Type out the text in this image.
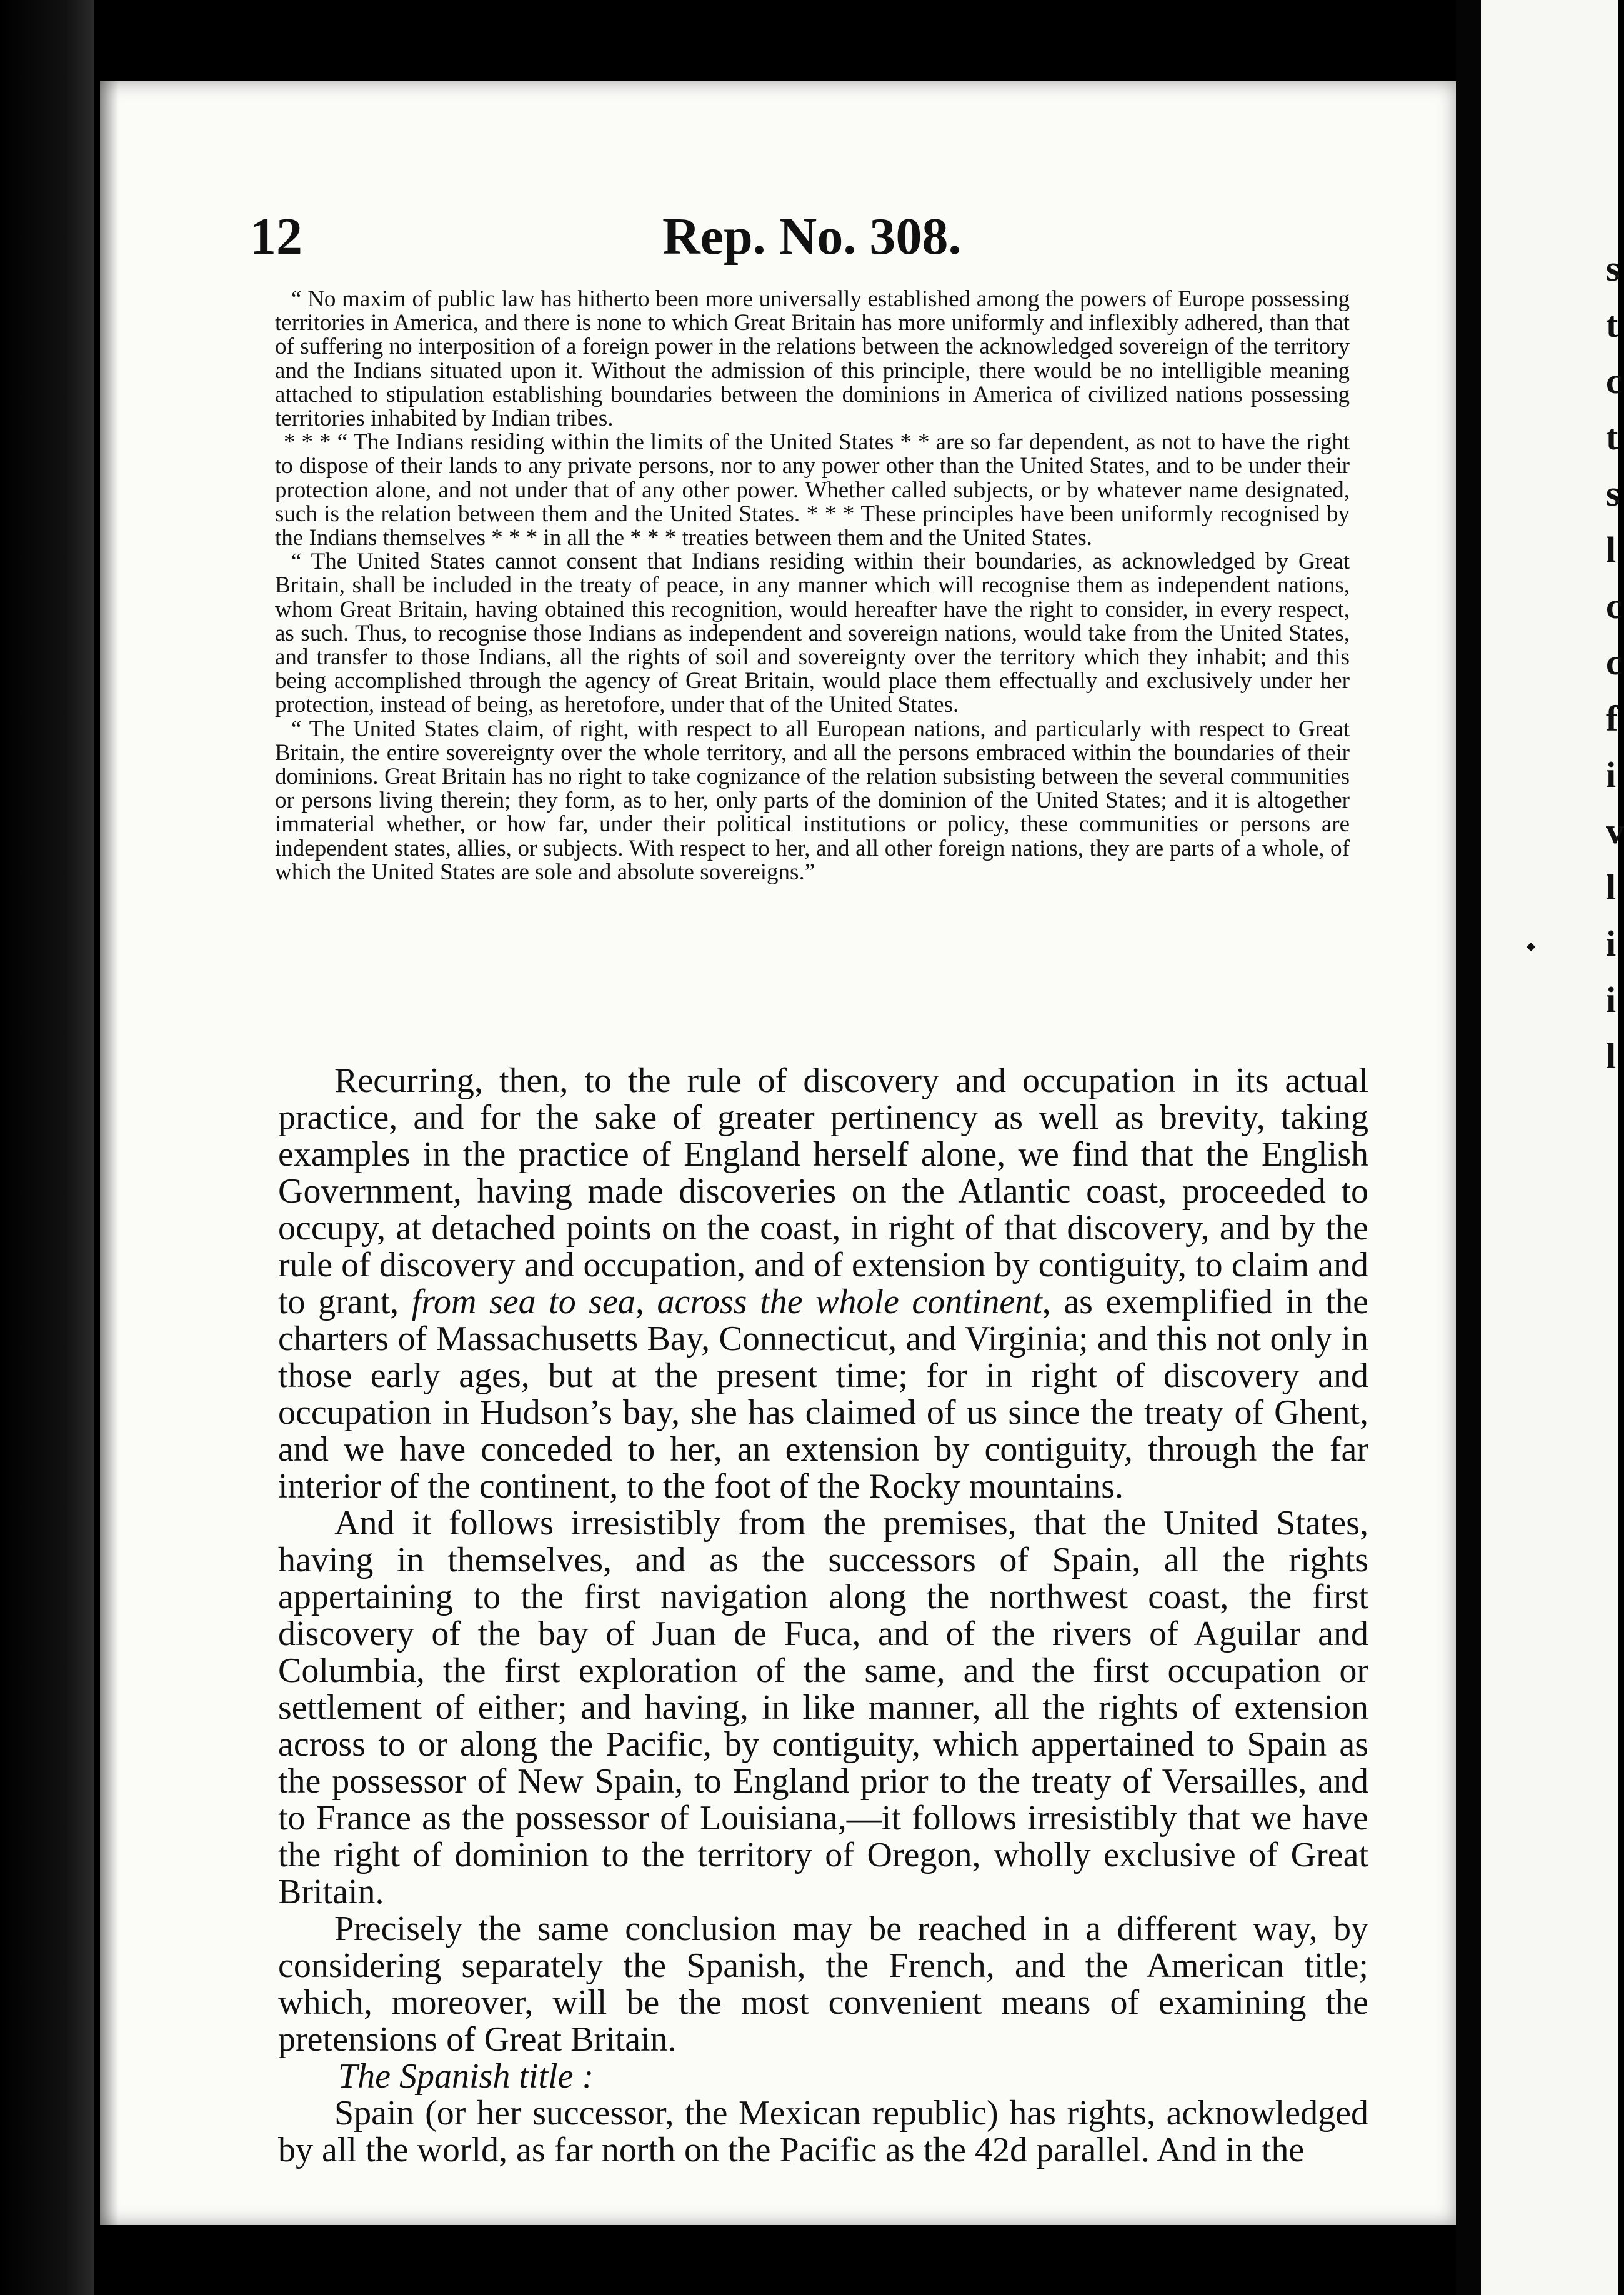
s
t
c
t
s
l
c
c
f
i
v
l
i
i
l
12	Rep. No. 308.

“ No maxim of public law has hitherto been more universally established among the powers of Europe possessing territories in America, and there is none to which Great Britain has more uniformly and inflexibly adhered, than that of suffering no interposition of a foreign power in the relations between the acknowledged sovereign of the territory and the Indians situated upon it. Without the admission of this principle, there would be no intelligible meaning attached to stipulation establishing boundaries between the dominions in America of civilized nations possessing territories inhabited by Indian tribes.

* * * “ The Indians residing within the limits of the United States * * are so far dependent, as not to have the right to dispose of their lands to any private persons, nor to any power other than the United States, and to be under their protection alone, and not under that of any other power. Whether called subjects, or by whatever name designated, such is the relation between them and the United States. * * * These principles have been uniformly recognised by the Indians themselves * * * in all the * * * treaties between them and the United States.

“ The United States cannot consent that Indians residing within their boundaries, as acknowledged by Great Britain, shall be included in the treaty of peace, in any manner which will recognise them as independent nations, whom Great Britain, having obtained this recognition, would hereafter have the right to consider, in every respect, as such. Thus, to recognise those Indians as independent and sovereign nations, would take from the United States, and transfer to those Indians, all the rights of soil and sovereignty over the territory which they inhabit; and this being accomplished through the agency of Great Britain, would place them effectually and exclusively under her protection, instead of being, as heretofore, under that of the United States.

“ The United States claim, of right, with respect to all European nations, and particularly with respect to Great Britain, the entire sovereignty over the whole territory, and all the persons embraced within the boundaries of their dominions. Great Britain has no right to take cognizance of the relation subsisting between the several communities or persons living therein; they form, as to her, only parts of the dominion of the United States; and it is altogether immaterial whether, or how far, under their political institutions or policy, these communities or persons are independent states, allies, or subjects. With respect to her, and all other foreign nations, they are parts of a whole, of which the United States are sole and absolute sovereigns.”

Recurring, then, to the rule of discovery and occupation in its actual practice, and for the sake of greater pertinency as well as brevity, taking examples in the practice of England herself alone, we find that the English Government, having made discoveries on the Atlantic coast, proceeded to occupy, at detached points on the coast, in right of that discovery, and by the rule of discovery and occupation, and of extension by contiguity, to claim and to grant, from sea to sea, across the whole continent, as exemplified in the charters of Massachusetts Bay, Connecticut, and Virginia; and this not only in those early ages, but at the present time; for in right of discovery and occupation in Hudson’s bay, she has claimed of us since the treaty of Ghent, and we have conceded to her, an extension by contiguity, through the far interior of the continent, to the foot of the Rocky mountains.

And it follows irresistibly from the premises, that the United States, having in themselves, and as the successors of Spain, all the rights appertaining to the first navigation along the northwest coast, the first discovery of the bay of Juan de Fuca, and of the rivers of Aguilar and Columbia, the first exploration of the same, and the first occupation or settlement of either; and having, in like manner, all the rights of extension across to or along the Pacific, by contiguity, which appertained to Spain as the possessor of New Spain, to England prior to the treaty of Versailles, and to France as the possessor of Louisiana,—it follows irresistibly that we have the right of dominion to the territory of Oregon, wholly exclusive of Great Britain.

Precisely the same conclusion may be reached in a different way, by considering separately the Spanish, the French, and the American title; which, moreover, will be the most convenient means of examining the pretensions of Great Britain.

The Spanish title :

Spain (or her successor, the Mexican republic) has rights, acknowledged by all the world, as far north on the Pacific as the 42d parallel. And in the
